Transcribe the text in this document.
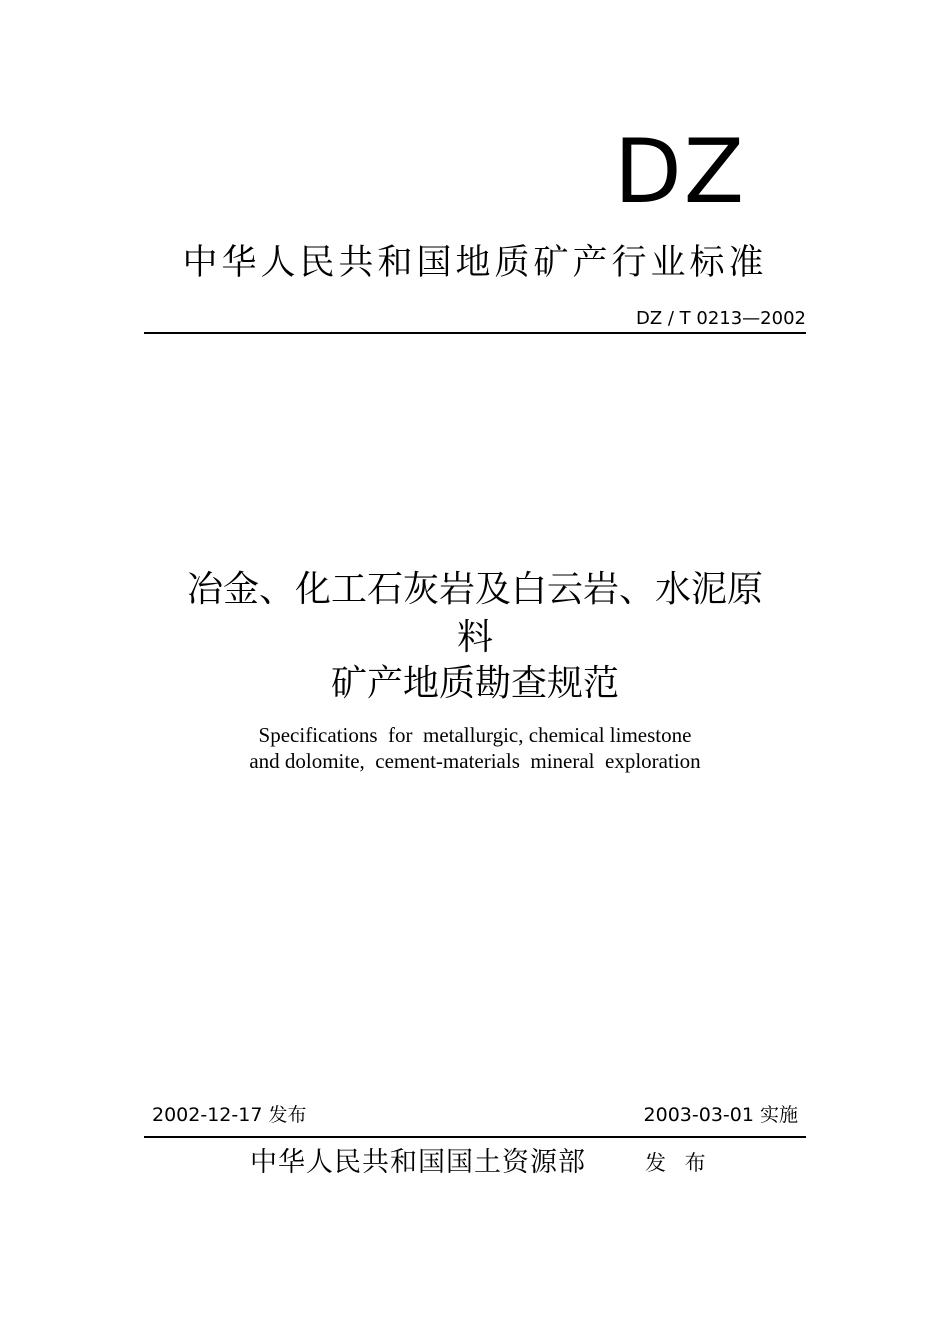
DZ
中华人民共和国地质矿产行业标准
DZ / T 0213—2002
冶金、化工石灰岩及白云岩、水泥原
料
矿产地质勘查规范
Specifications  for  metallurgic, chemical limestone
and dolomite,  cement-materials  mineral  exploration
2002-12-17 发布	2003-03-01 实施
中华人民共和国国土资源部	发 布
